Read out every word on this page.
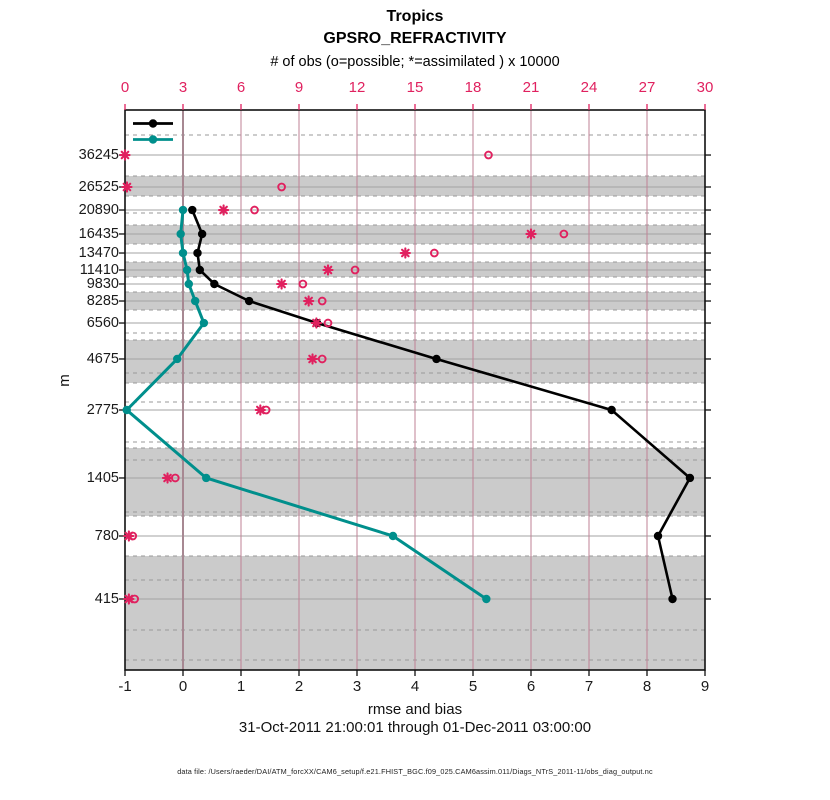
Tropics
GPSRO_REFRACTIVITY
# of obs (o=possible; *=assimilated ) x 10000
m
rmse and bias
31-Oct-2011 21:00:01 through 01-Dec-2011 03:00:00
data file: /Users/raeder/DAI/ATM_forcXX/CAM6_setup/f.e21.FHIST_BGC.f09_025.CAM6assim.011/Diags_NTrS_2011-11/obs_diag_output.nc
-1	0	1	2	3	4	5	6	7	8	9
0	3	6	9	12	15	18	21	24	27	30
36245
26525
20890
16435
13470
11410
9830
8285
6560
4675
2775
1405
780
415
